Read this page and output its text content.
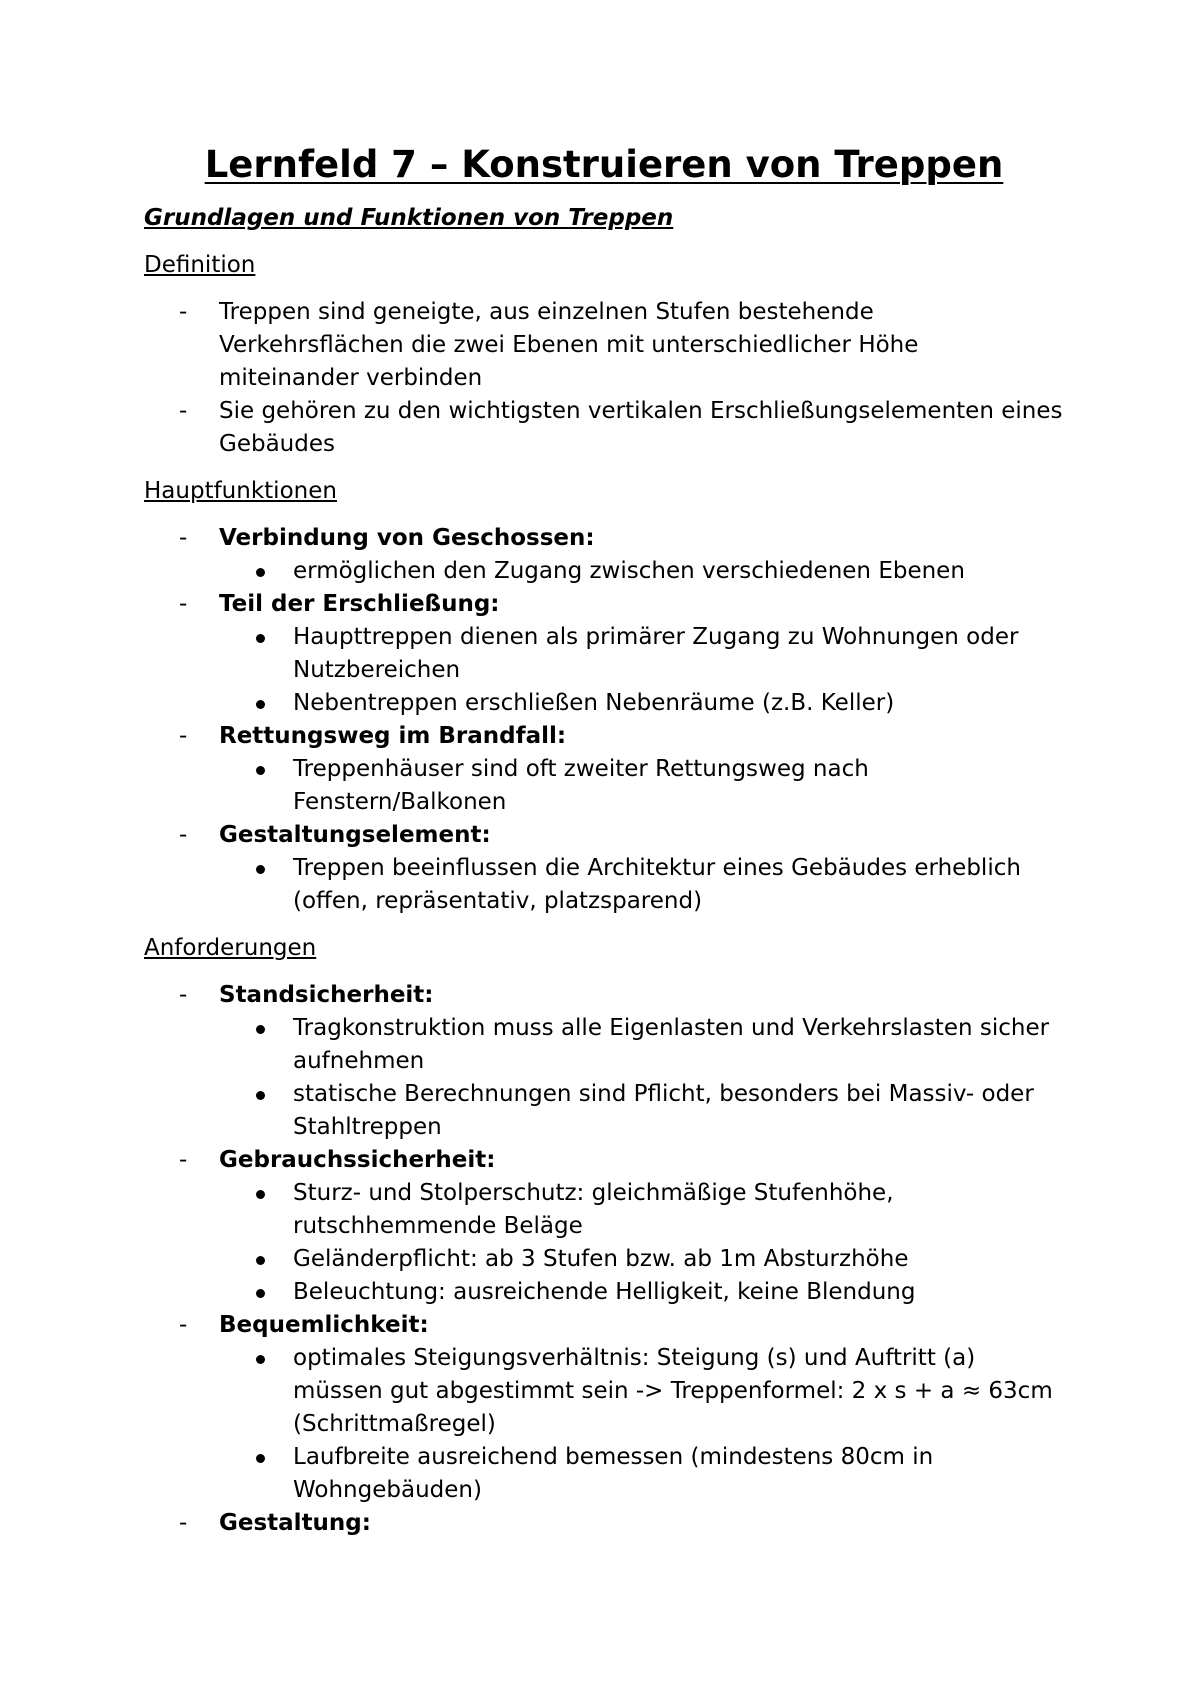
Lernfeld 7 – Konstruieren von Treppen
Grundlagen und Funktionen von Treppen
Definition
- Treppen sind geneigte, aus einzelnen Stufen bestehende Verkehrsflächen die zwei Ebenen mit unterschiedlicher Höhe miteinander verbinden
- Sie gehören zu den wichtigsten vertikalen Erschließungselementen eines Gebäudes
Hauptfunktionen
- Verbindung von Geschossen:
ermöglichen den Zugang zwischen verschiedenen Ebenen
- Teil der Erschließung:
Haupttreppen dienen als primärer Zugang zu Wohnungen oder Nutzbereichen
Nebentreppen erschließen Nebenräume (z.B. Keller)
- Rettungsweg im Brandfall:
Treppenhäuser sind oft zweiter Rettungsweg nach Fenstern/Balkonen
- Gestaltungselement:
Treppen beeinflussen die Architektur eines Gebäudes erheblich (offen, repräsentativ, platzsparend)
Anforderungen
- Standsicherheit:
Tragkonstruktion muss alle Eigenlasten und Verkehrslasten sicher aufnehmen
statische Berechnungen sind Pflicht, besonders bei Massiv- oder Stahltreppen
- Gebrauchssicherheit:
Sturz- und Stolperschutz: gleichmäßige Stufenhöhe, rutschhemmende Beläge
Geländerpflicht: ab 3 Stufen bzw. ab 1m Absturzhöhe
Beleuchtung: ausreichende Helligkeit, keine Blendung
- Bequemlichkeit:
optimales Steigungsverhältnis: Steigung (s) und Auftritt (a) müssen gut abgestimmt sein -> Treppenformel: 2 x s + a ≈ 63cm (Schrittmaßregel)
Laufbreite ausreichend bemessen (mindestens 80cm in Wohngebäuden)
- Gestaltung:
